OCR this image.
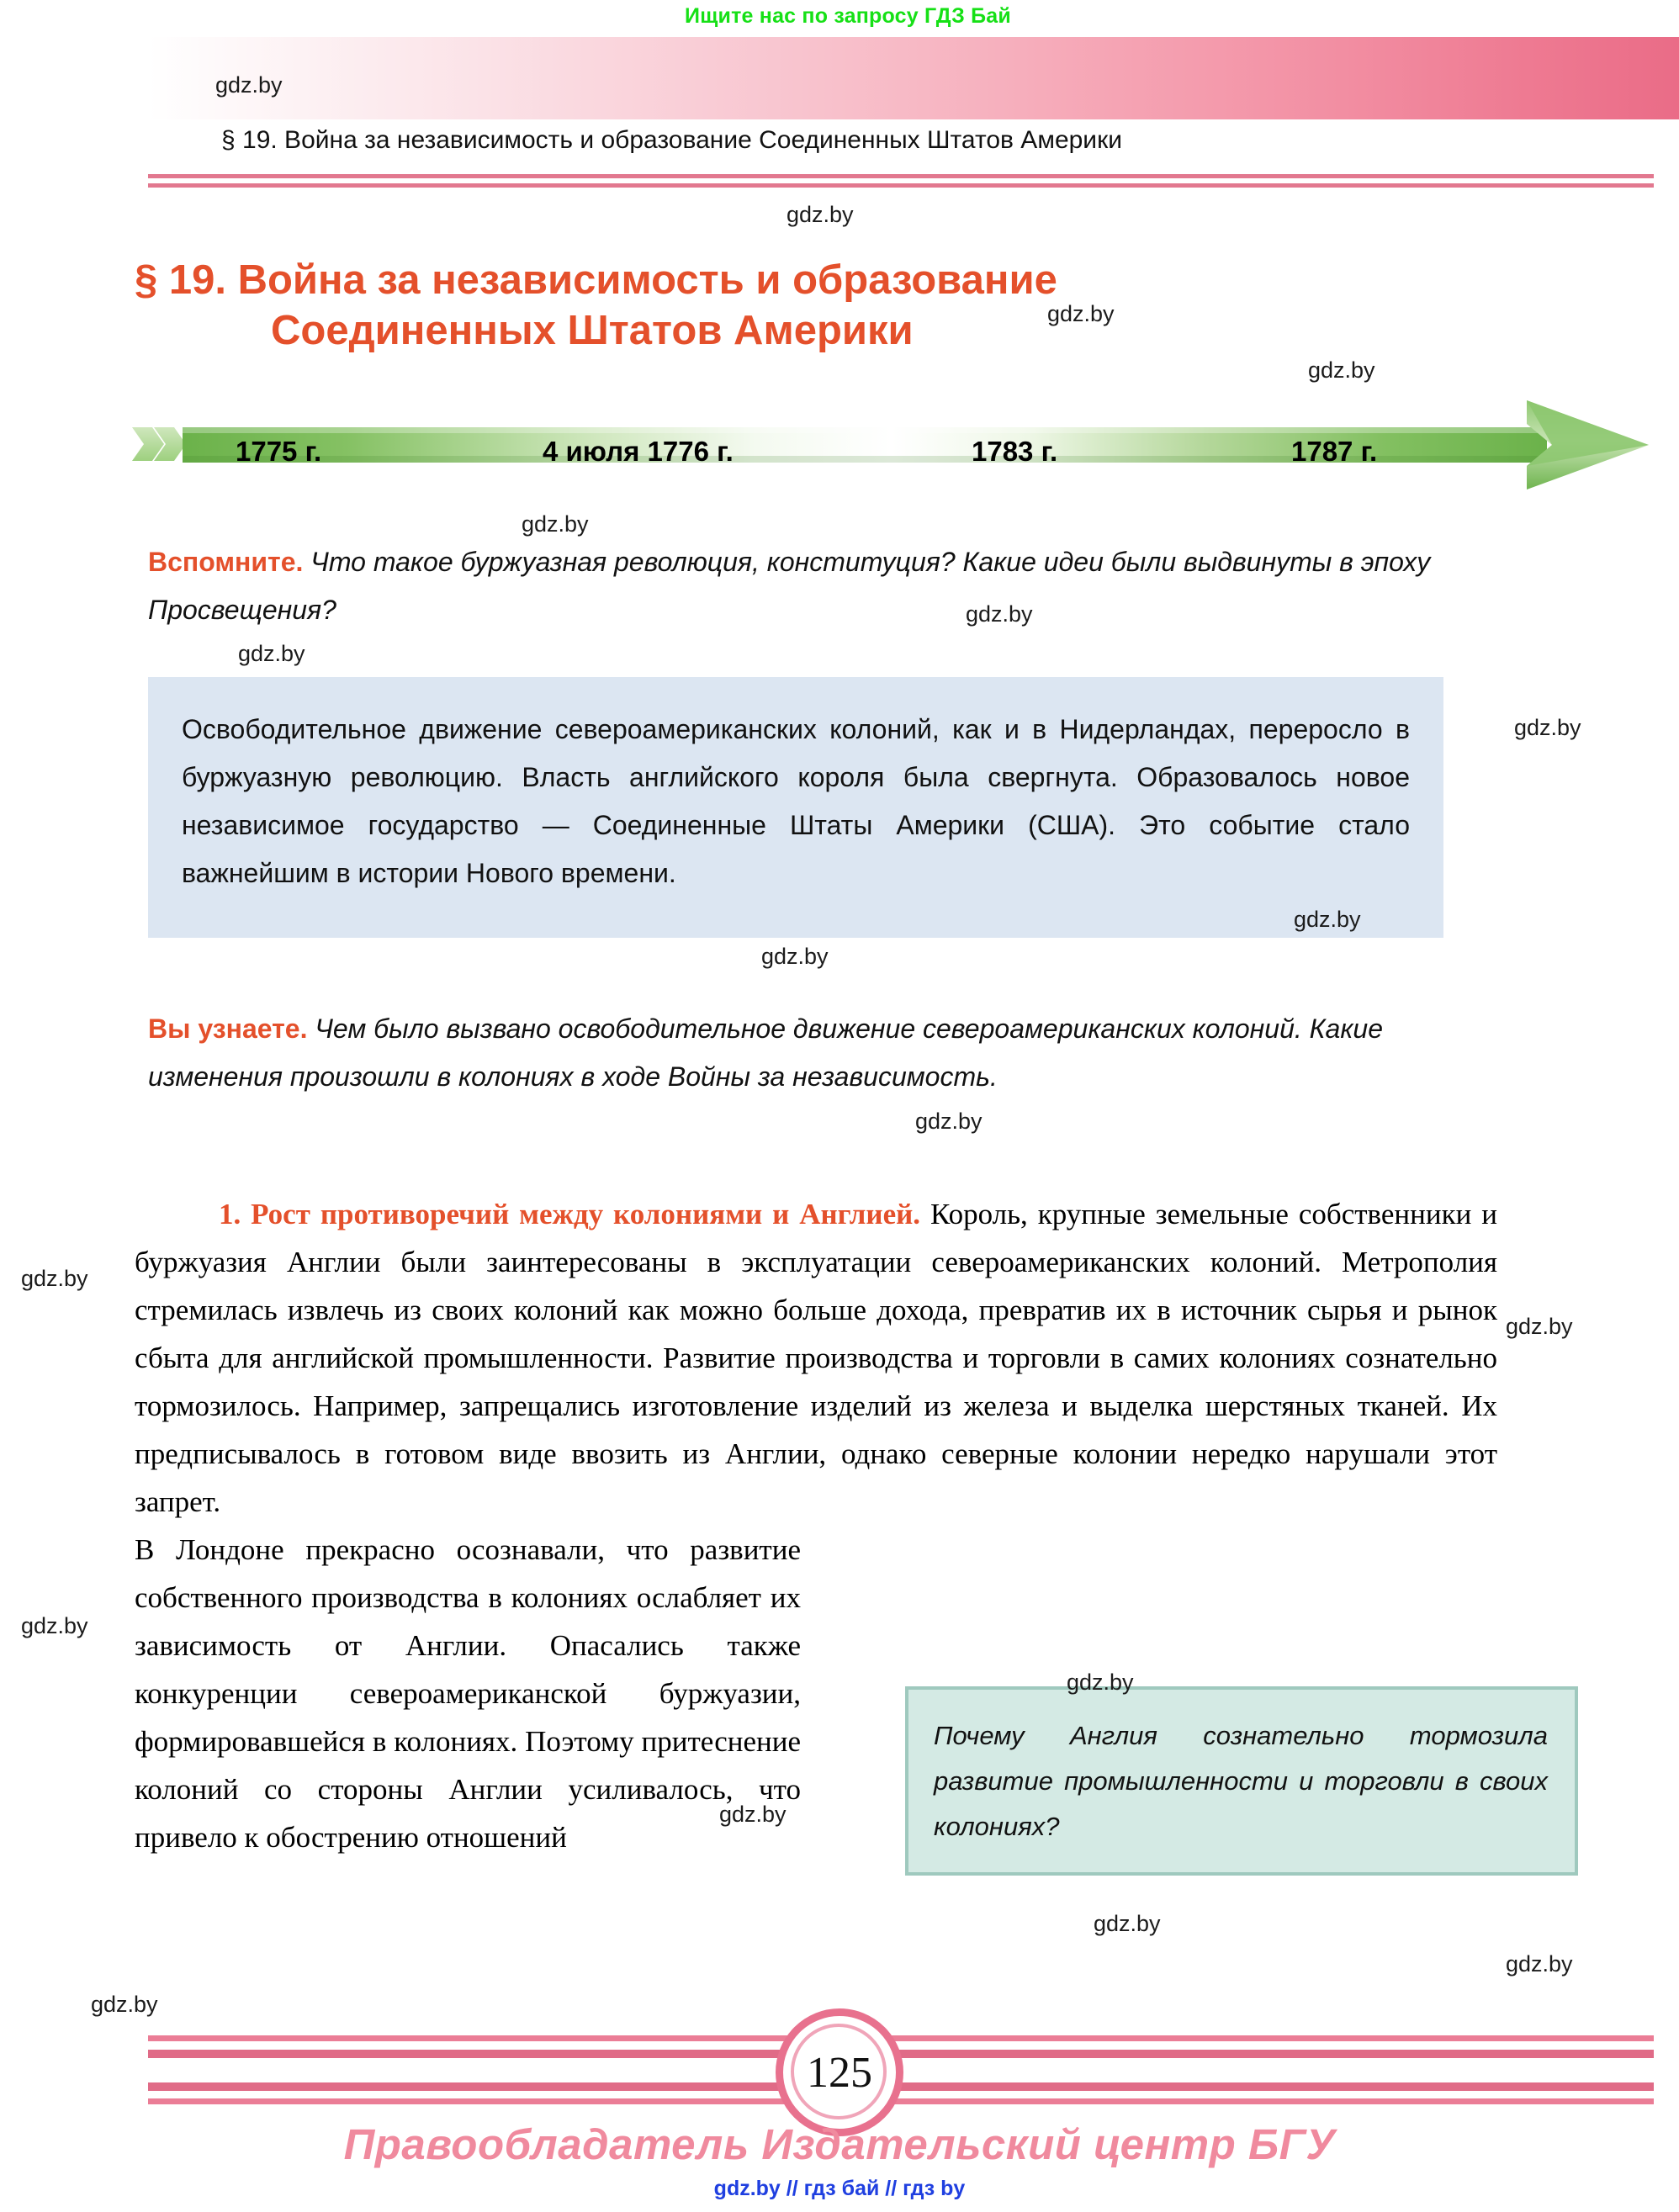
Ищите нас по запросу ГДЗ Бай
gdz.by
§ 19. Война за независимость и образование Соединенных Штатов Америки
§ 19. Война за независимость и образование
Соединенных Штатов Америки
1775 г.	4 июля 1776 г.	1783 г.	1787 г.
Вспомните. Что такое буржуазная революция, конституция? Какие идеи были выдвинуты в эпоху Просвещения?

Освободительное движение североамериканских колоний, как и в Нидерландах, переросло в буржуазную революцию. Власть английского короля была свергнута. Образовалось новое независимое государство — Соединенные Штаты Америки (США). Это событие стало важнейшим в истории Нового времени.

Вы узнаете. Чем было вызвано освободительное движение североамериканских колоний. Какие изменения произошли в колониях в ходе Войны за независимость.

1. Рост противоречий между колониями и Англией. Король, крупные земельные собственники и буржуазия Англии были заинтересованы в эксплуатации североамериканских колоний. Метрополия стремилась извлечь из своих колоний как можно больше дохода, превратив их в источник сырья и рынок сбыта для английской промышленности. Развитие производства и торговли в самих колониях сознательно тормозилось. Например, запрещались изготовление изделий из железа и выделка шерстяных тканей. Их предписывалось в готовом виде ввозить из Англии, однако северные колонии нередко нарушали этот запрет.

В Лондоне прекрасно осознавали, что развитие собственного производства в колониях ослабляет их зависимость от Англии. Опасались также конкуренции североамериканской буржуазии, формировавшейся в колониях. Поэтому притеснение колоний со стороны Англии усиливалось, что привело к обострению отношений

Почему Англия сознательно тормозила развитие промышленности и торговли в своих колониях?

125
Правообладатель Издательский центр БГУ
gdz.by // гдз бай // гдз by
gdz.by
gdz.by
gdz.by
gdz.by
gdz.by
gdz.by
gdz.by
gdz.by
gdz.by
gdz.by
gdz.by
gdz.by
gdz.by
gdz.by
gdz.by
gdz.by
gdz.by
gdz.by
